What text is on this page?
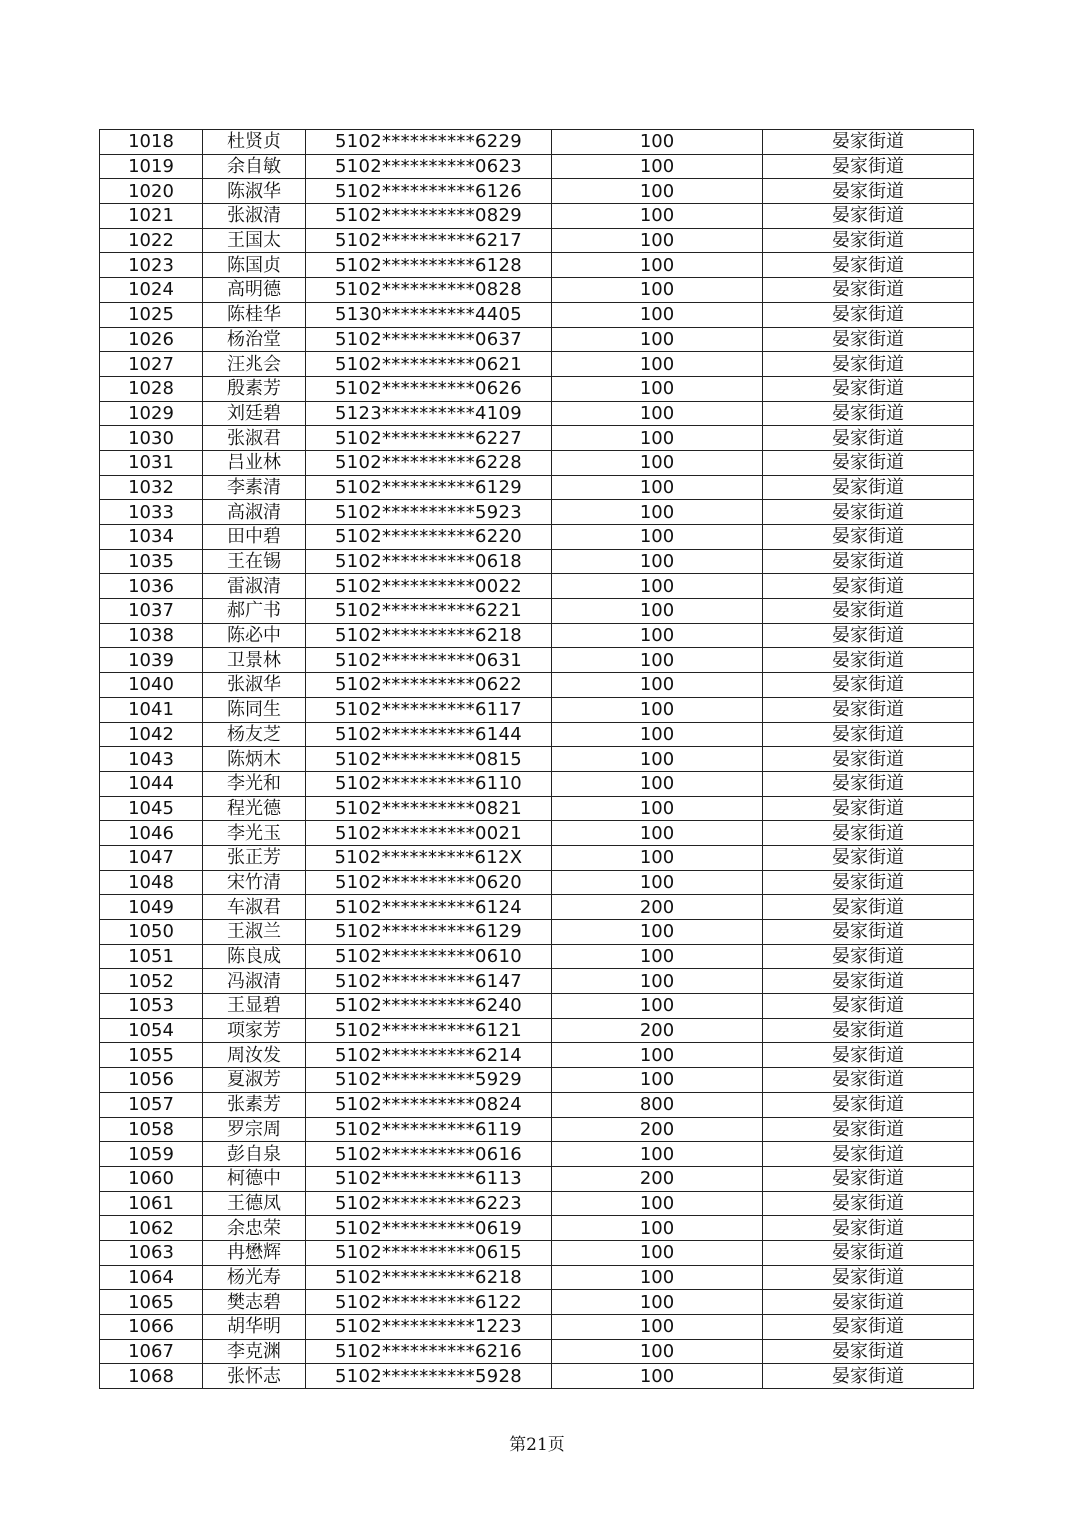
1018	杜贤贞	5102**********6229	100	晏家街道
1019	余自敏	5102**********0623	100	晏家街道
1020	陈淑华	5102**********6126	100	晏家街道
1021	张淑清	5102**********0829	100	晏家街道
1022	王国太	5102**********6217	100	晏家街道
1023	陈国贞	5102**********6128	100	晏家街道
1024	高明德	5102**********0828	100	晏家街道
1025	陈桂华	5130**********4405	100	晏家街道
1026	杨治堂	5102**********0637	100	晏家街道
1027	汪兆会	5102**********0621	100	晏家街道
1028	殷素芳	5102**********0626	100	晏家街道
1029	刘廷碧	5123**********4109	100	晏家街道
1030	张淑君	5102**********6227	100	晏家街道
1031	吕业林	5102**********6228	100	晏家街道
1032	李素清	5102**********6129	100	晏家街道
1033	高淑清	5102**********5923	100	晏家街道
1034	田中碧	5102**********6220	100	晏家街道
1035	王在锡	5102**********0618	100	晏家街道
1036	雷淑清	5102**********0022	100	晏家街道
1037	郝广书	5102**********6221	100	晏家街道
1038	陈必中	5102**********6218	100	晏家街道
1039	卫景林	5102**********0631	100	晏家街道
1040	张淑华	5102**********0622	100	晏家街道
1041	陈同生	5102**********6117	100	晏家街道
1042	杨友芝	5102**********6144	100	晏家街道
1043	陈炳木	5102**********0815	100	晏家街道
1044	李光和	5102**********6110	100	晏家街道
1045	程光德	5102**********0821	100	晏家街道
1046	李光玉	5102**********0021	100	晏家街道
1047	张正芳	5102**********612X	100	晏家街道
1048	宋竹清	5102**********0620	100	晏家街道
1049	车淑君	5102**********6124	200	晏家街道
1050	王淑兰	5102**********6129	100	晏家街道
1051	陈良成	5102**********0610	100	晏家街道
1052	冯淑清	5102**********6147	100	晏家街道
1053	王显碧	5102**********6240	100	晏家街道
1054	项家芳	5102**********6121	200	晏家街道
1055	周汝发	5102**********6214	100	晏家街道
1056	夏淑芳	5102**********5929	100	晏家街道
1057	张素芳	5102**********0824	800	晏家街道
1058	罗宗周	5102**********6119	200	晏家街道
1059	彭自泉	5102**********0616	100	晏家街道
1060	柯德中	5102**********6113	200	晏家街道
1061	王德凤	5102**********6223	100	晏家街道
1062	余忠荣	5102**********0619	100	晏家街道
1063	冉懋辉	5102**********0615	100	晏家街道
1064	杨光寿	5102**********6218	100	晏家街道
1065	樊志碧	5102**********6122	100	晏家街道
1066	胡华明	5102**********1223	100	晏家街道
1067	李克渊	5102**********6216	100	晏家街道
1068	张怀志	5102**********5928	100	晏家街道
第21页
